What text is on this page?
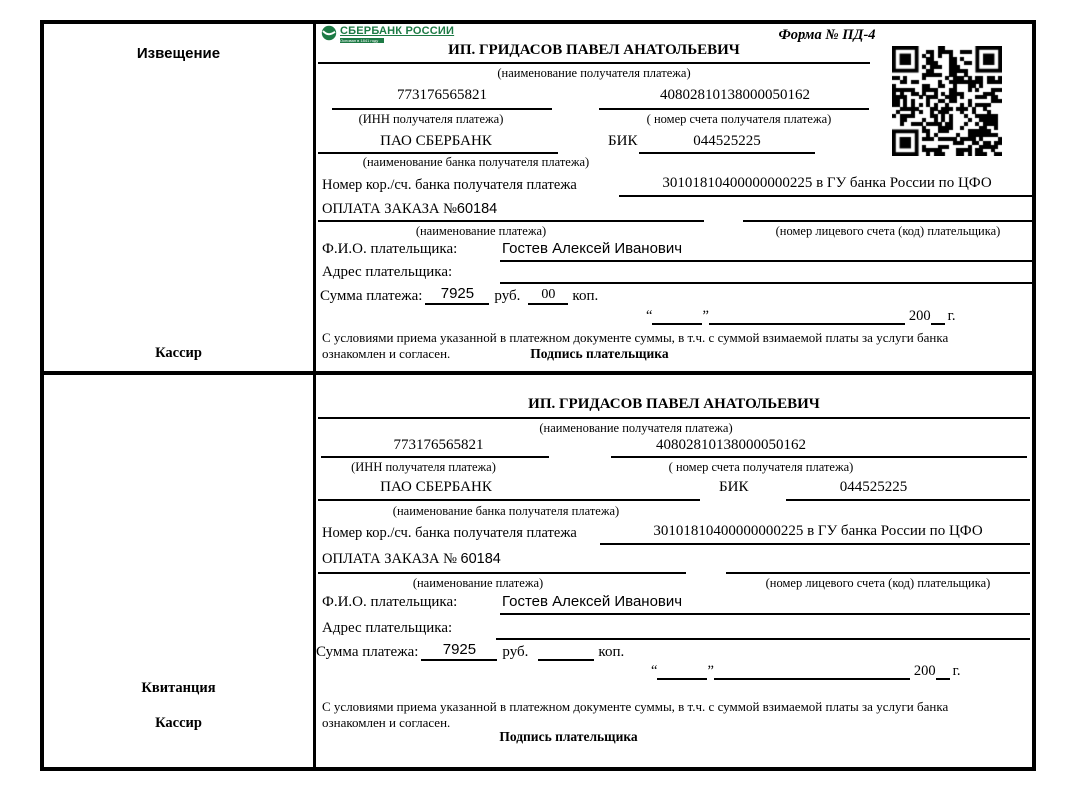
Извещение
Кассир
СБЕРБАНК РОССИИ
Основан в 1841 году	Форма № ПД-4
ИП. ГРИДАСОВ ПАВЕЛ АНАТОЛЬЕВИЧ
(наименование получателя платежа)
773176565821	40802810138000050162
(ИНН получателя платежа)	( номер счета получателя платежа)
ПАО СБЕРБАНК	БИК	044525225
(наименование банка получателя платежа)
Номер кор./сч. банка получателя платежа	30101810400000000225 в ГУ банка России по ЦФО
ОПЛАТА ЗАКАЗА №60184
(наименование платежа)	(номер лицевого счета (код) плательщика)
Ф.И.О. плательщика:	Гостев Алексей Иванович
Адрес плательщика:
Сумма платежа:	7925	руб.	00	коп.
“	”	200 г.
С условиями приема указанной в платежном документе суммы, в т.ч. с суммой взимаемой платы за услуги банка
ознакомлен и согласен.	Подпись плательщика
Квитанция
Кассир
ИП. ГРИДАСОВ ПАВЕЛ АНАТОЛЬЕВИЧ
(наименование получателя платежа)
773176565821	40802810138000050162
(ИНН получателя платежа)	( номер счета получателя платежа)
ПАО СБЕРБАНК	БИК	044525225
(наименование банка получателя платежа)
Номер кор./сч. банка получателя платежа	30101810400000000225 в ГУ банка России по ЦФО
ОПЛАТА ЗАКАЗА № 60184
(наименование платежа)	(номер лицевого счета (код) плательщика)
Ф.И.О. плательщика:	Гостев Алексей Иванович
Адрес плательщика:
Сумма платежа:	7925	руб.	коп.
“	”	200 г.
С условиями приема указанной в платежном документе суммы, в т.ч. с суммой взимаемой платы за услуги банка
ознакомлен и согласен.
Подпись плательщика
